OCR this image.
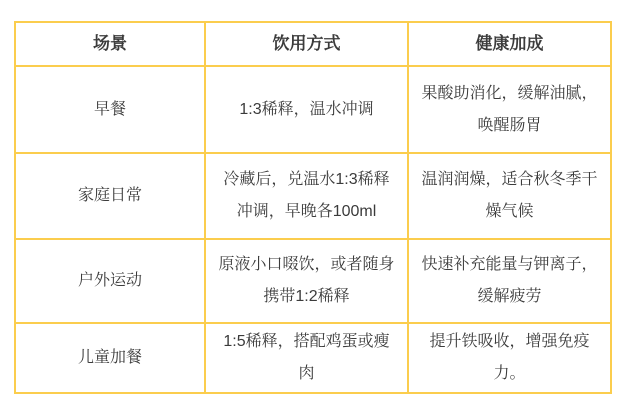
场景	饮用方式	健康加成
早餐	1:3稀释，温水冲调	果酸助消化，缓解油腻，唤醒肠胃
家庭日常	冷藏后，兑温水1:3稀释冲调，早晚各100ml	温润润燥，适合秋冬季干燥气候
户外运动	原液小口啜饮，或者随身携带1:2稀释	快速补充能量与钾离子，缓解疲劳
儿童加餐	1:5稀释，搭配鸡蛋或瘦肉	提升铁吸收，增强免疫力。
